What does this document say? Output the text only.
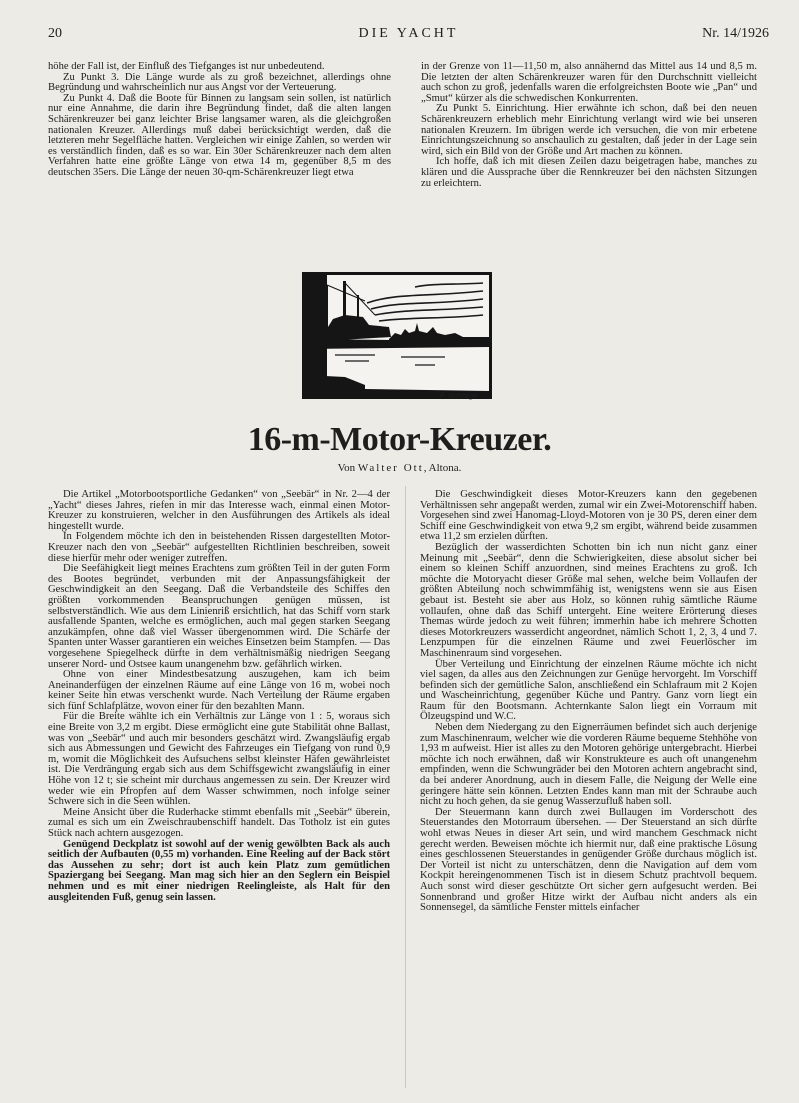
20	DIE YACHT	Nr. 14/1926

höhe der Fall ist, der Einfluß des Tiefganges ist nur unbedeutend.

Zu Punkt 3. Die Länge wurde als zu groß bezeichnet, allerdings ohne Begründung und wahrscheinlich nur aus Angst vor der Verteuerung.

Zu Punkt 4. Daß die Boote für Binnen zu langsam sein sollen, ist natürlich nur eine Annahme, die darin ihre Begründung findet, daß die alten langen Schärenkreuzer bei ganz leichter Brise langsamer waren, als die gleichgroßen nationalen Kreuzer. Allerdings muß dabei berücksichtigt werden, daß die letzteren mehr Segelfläche hatten. Vergleichen wir einige Zahlen, so werden wir es verständlich finden, daß es so war. Ein 30er Schärenkreuzer nach dem alten Verfahren hatte eine größte Länge von etwa 14 m, gegenüber 8,5 m des deutschen 35ers. Die Länge der neuen 30-qm-Schärenkreuzer liegt etwa

in der Grenze von 11—11,50 m, also annähernd das Mittel aus 14 und 8,5 m. Die letzten der alten Schärenkreuzer waren für den Durchschnitt vielleicht auch schon zu groß, jedenfalls waren die erfolgreichsten Boote wie „Pan“ und „Smut“ kürzer als die schwedischen Konkurrenten.

Zu Punkt 5. Einrichtung. Hier erwähnte ich schon, daß bei den neuen Schärenkreuzern erheblich mehr Einrichtung verlangt wird wie bei unseren nationalen Kreuzern. Im übrigen werde ich versuchen, die von mir erbetene Einrichtungszeichnung so anschaulich zu gestalten, daß jeder in der Lage sein wird, sich ein Bild von der Größe und Art machen zu können.

Ich hoffe, daß ich mit diesen Zeilen dazu beigetragen habe, manches zu klären und die Aussprache über die Rennkreuzer bei den nächsten Sitzungen zu erleichtern.

F. Schrage
16-m-Motor-Kreuzer.
Von Walter Ott, Altona.

Die Artikel „Motorbootsportliche Gedanken“ von „Seebär“ in Nr. 2—4 der „Yacht“ dieses Jahres, riefen in mir das Interesse wach, einmal einen Motor-Kreuzer zu konstruieren, welcher in den Ausführungen des Artikels als ideal hingestellt wurde.

In Folgendem möchte ich den in beistehenden Rissen dargestellten Motor-Kreuzer nach den von „Seebär“ aufgestellten Richtlinien beschreiben, soweit diese hierfür mehr oder weniger zutreffen.

Die Seefähigkeit liegt meines Erachtens zum größten Teil in der guten Form des Bootes begründet, verbunden mit der Anpassungsfähigkeit der Geschwindigkeit an den Seegang. Daß die Verbandsteile des Schiffes den größten vorkommenden Beanspruchungen genügen müssen, ist selbstverständlich. Wie aus dem Linienriß ersichtlich, hat das Schiff vorn stark ausfallende Spanten, welche es ermöglichen, auch mal gegen starken Seegang anzukämpfen, ohne daß viel Wasser übergenommen wird. Die Schärfe der Spanten unter Wasser garantieren ein weiches Einsetzen beim Stampfen. — Das vorgesehene Spiegelheck dürfte in dem verhältnismäßig niedrigen Seegang unserer Nord- und Ostsee kaum unangenehm bzw. gefährlich wirken.

Ohne von einer Mindestbesatzung auszugehen, kam ich beim Aneinanderfügen der einzelnen Räume auf eine Länge von 16 m, wobei noch keiner Seite hin etwas verschenkt wurde. Nach Verteilung der Räume ergaben sich fünf Schlafplätze, wovon einer für den bezahlten Mann.

Für die Breite wählte ich ein Verhältnis zur Länge von 1 : 5, woraus sich eine Breite von 3,2 m ergibt. Diese ermöglicht eine gute Stabilität ohne Ballast, was von „Seebär“ und auch mir besonders geschätzt wird. Zwangsläufig ergab sich aus Abmessungen und Gewicht des Fahrzeuges ein Tiefgang von rund 0,9 m, womit die Möglichkeit des Aufsuchens selbst kleinster Häfen gewährleistet ist. Die Verdrängung ergab sich aus dem Schiffsgewicht zwangsläufig in einer Höhe von 12 t; sie scheint mir durchaus angemessen zu sein. Der Kreuzer wird weder wie ein Pfropfen auf dem Wasser schwimmen, noch infolge seiner Schwere sich in die Seen wühlen.

Meine Ansicht über die Ruderhacke stimmt ebenfalls mit „Seebär“ überein, zumal es sich um ein Zweischraubenschiff handelt. Das Totholz ist ein gutes Stück nach achtern ausgezogen.

Genügend Deckplatz ist sowohl auf der wenig gewölbten Back als auch seitlich der Aufbauten (0,55 m) vorhanden. Eine Reeling auf der Back stört das Aussehen zu sehr; dort ist auch kein Platz zum gemütlichen Spaziergang bei Seegang. Man mag sich hier an den Seglern ein Beispiel nehmen und es mit einer niedrigen Reelingleiste, als Halt für den ausgleitenden Fuß, genug sein lassen.

Die Geschwindigkeit dieses Motor-Kreuzers kann den gegebenen Verhältnissen sehr angepaßt werden, zumal wir ein Zwei-Motorenschiff haben. Vorgesehen sind zwei Hanomag-Lloyd-Motoren von je 30 PS, deren einer dem Schiff eine Geschwindigkeit von etwa 9,2 sm ergibt, während beide zusammen etwa 11,2 sm erzielen dürften.

Bezüglich der wasserdichten Schotten bin ich nun nicht ganz einer Meinung mit „Seebär“, denn die Schwierigkeiten, diese absolut sicher bei einem so kleinen Schiff anzuordnen, sind meines Erachtens zu groß. Ich möchte die Motoryacht dieser Größe mal sehen, welche beim Vollaufen der größten Abteilung noch schwimmfähig ist, wenigstens wenn sie aus Eisen gebaut ist. Besteht sie aber aus Holz, so können ruhig sämtliche Räume vollaufen, ohne daß das Schiff untergeht. Eine weitere Erörterung dieses Themas würde jedoch zu weit führen; immerhin habe ich mehrere Schotten dieses Motorkreuzers wasserdicht angeordnet, nämlich Schott 1, 2, 3, 4 und 7. Lenzpumpen für die einzelnen Räume und zwei Feuerlöscher im Maschinenraum sind vorgesehen.

Über Verteilung und Einrichtung der einzelnen Räume möchte ich nicht viel sagen, da alles aus den Zeichnungen zur Genüge hervorgeht. Im Vorschiff befinden sich der gemütliche Salon, anschließend ein Schlafraum mit 2 Kojen und Wascheinrichtung, gegenüber Küche und Pantry. Ganz vorn liegt ein Raum für den Bootsmann. Achternkante Salon liegt ein Vorraum mit Ölzeugspind und W.C.

Neben dem Niedergang zu den Eignerräumen befindet sich auch derjenige zum Maschinenraum, welcher wie die vorderen Räume bequeme Stehhöhe von 1,93 m aufweist. Hier ist alles zu den Motoren gehörige untergebracht. Hierbei möchte ich noch erwähnen, daß wir Konstrukteure es auch oft unangenehm empfinden, wenn die Schwungräder bei den Motoren achtern angebracht sind, da bei anderer Anordnung, auch in diesem Falle, die Neigung der Welle eine geringere hätte sein können. Letzten Endes kann man mit der Schraube auch nicht zu hoch gehen, da sie genug Wasserzufluß haben soll.

Der Steuermann kann durch zwei Bullaugen im Vorderschott des Steuerstandes den Motorraum übersehen. — Der Steuerstand an sich dürfte wohl etwas Neues in dieser Art sein, und wird manchem Geschmack nicht gerecht werden. Beweisen möchte ich hiermit nur, daß eine praktische Lösung eines geschlossenen Steuerstandes in genügender Größe durchaus möglich ist. Der Vorteil ist nicht zu unterschätzen, denn die Navigation auf dem vom Kockpit hereingenommenen Tisch ist in diesem Schutz prachtvoll bequem. Auch sonst wird dieser geschützte Ort sicher gern aufgesucht werden. Bei Sonnenbrand und großer Hitze wirkt der Aufbau nicht anders als ein Sonnensegel, da sämtliche Fenster mittels einfacher
